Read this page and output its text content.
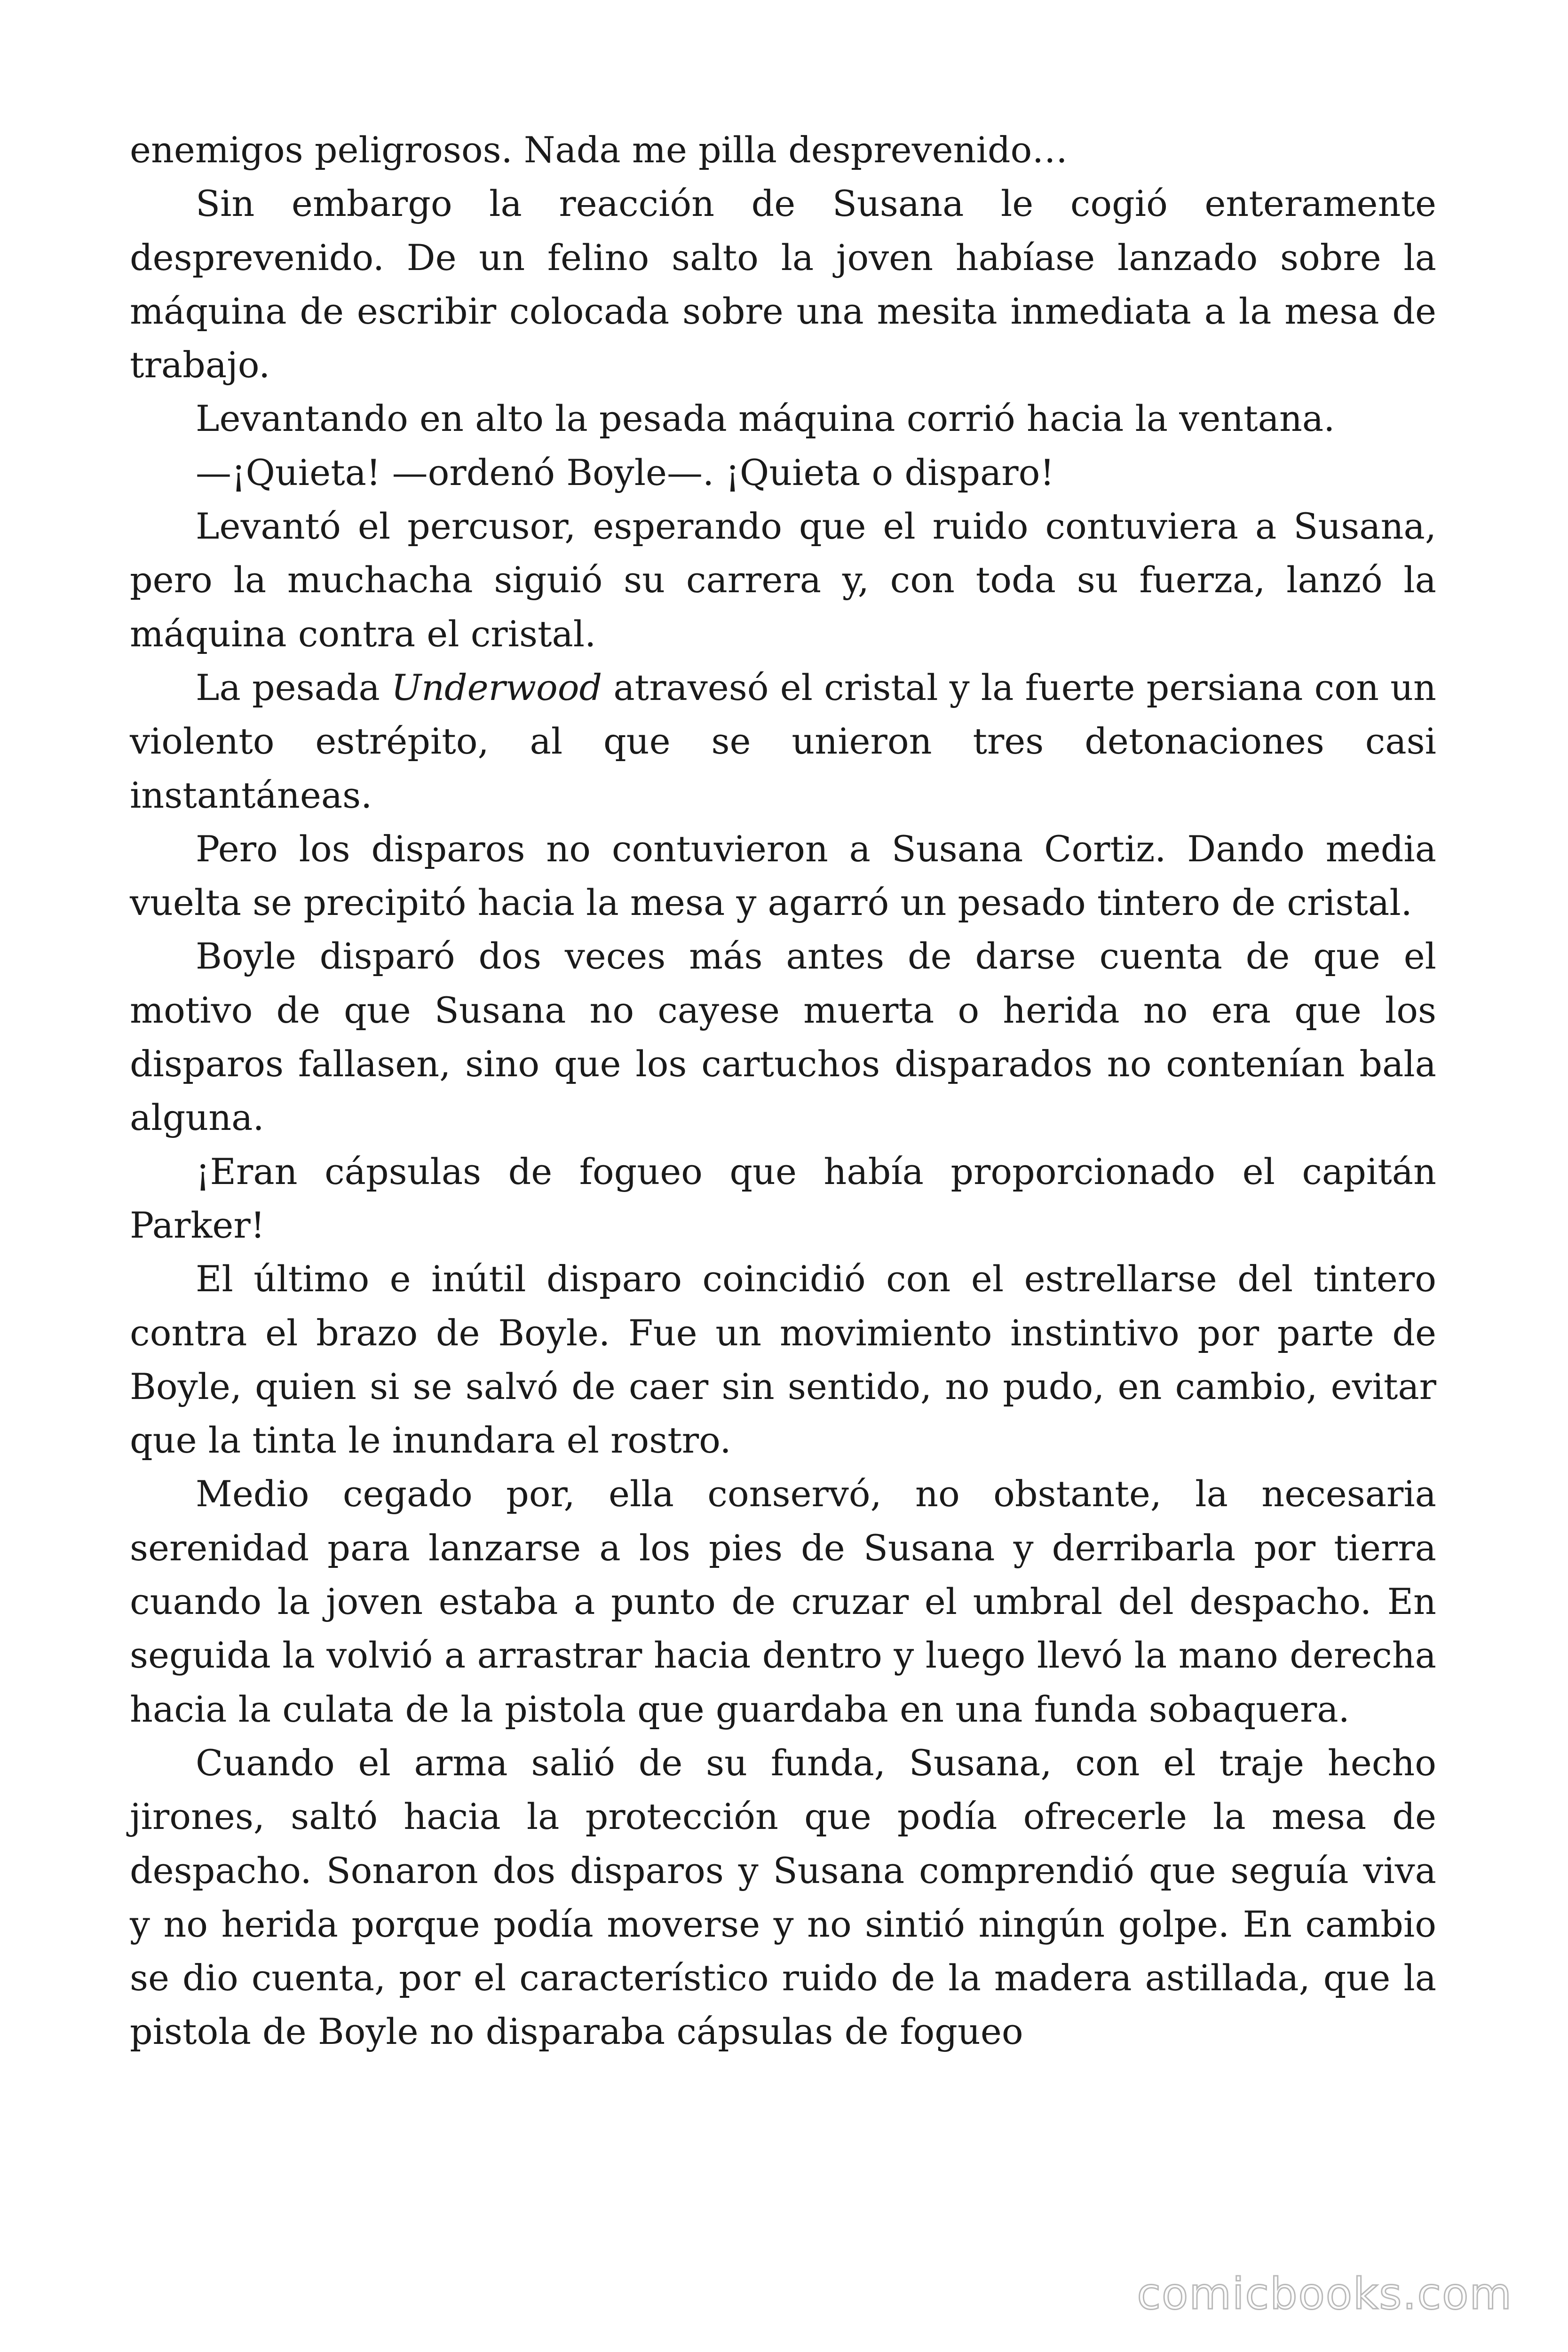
enemigos peligrosos. Nada me pilla desprevenido…

Sin embargo la reacción de Susana le cogió enteramente desprevenido. De un felino salto la joven habíase lanzado sobre la máquina de escribir colocada sobre una mesita inmediata a la mesa de trabajo.

Levantando en alto la pesada máquina corrió hacia la ventana.

—¡Quieta! —ordenó Boyle—. ¡Quieta o disparo!

Levantó el percusor, esperando que el ruido contuviera a Susana, pero la muchacha siguió su carrera y, con toda su fuerza, lanzó la máquina contra el cristal.

La pesada Underwood atravesó el cristal y la fuerte persiana con un violento estrépito, al que se unieron tres detonaciones casi instantáneas.

Pero los disparos no contuvieron a Susana Cortiz. Dando media vuelta se precipitó hacia la mesa y agarró un pesado tintero de cristal.

Boyle disparó dos veces más antes de darse cuenta de que el motivo de que Susana no cayese muerta o herida no era que los disparos fallasen, sino que los cartuchos disparados no contenían bala alguna.

¡Eran cápsulas de fogueo que había proporcionado el capitán Parker!

El último e inútil disparo coincidió con el estrellarse del tintero contra el brazo de Boyle. Fue un movimiento instintivo por parte de Boyle, quien si se salvó de caer sin sentido, no pudo, en cambio, evitar que la tinta le inundara el rostro.

Medio cegado por, ella conservó, no obstante, la necesaria serenidad para lanzarse a los pies de Susana y derribarla por tierra cuando la joven estaba a punto de cruzar el umbral del despacho. En seguida la volvió a arrastrar hacia dentro y luego llevó la mano derecha hacia la culata de la pistola que guardaba en una funda sobaquera.

Cuando el arma salió de su funda, Susana, con el traje hecho jirones, saltó hacia la protección que podía ofrecerle la mesa de despacho. Sonaron dos disparos y Susana comprendió que seguía viva y no herida porque podía moverse y no sintió ningún golpe. En cambio se dio cuenta, por el característico ruido de la madera astillada, que la pistola de Boyle no disparaba cápsulas de fogueo

comicbooks.com
